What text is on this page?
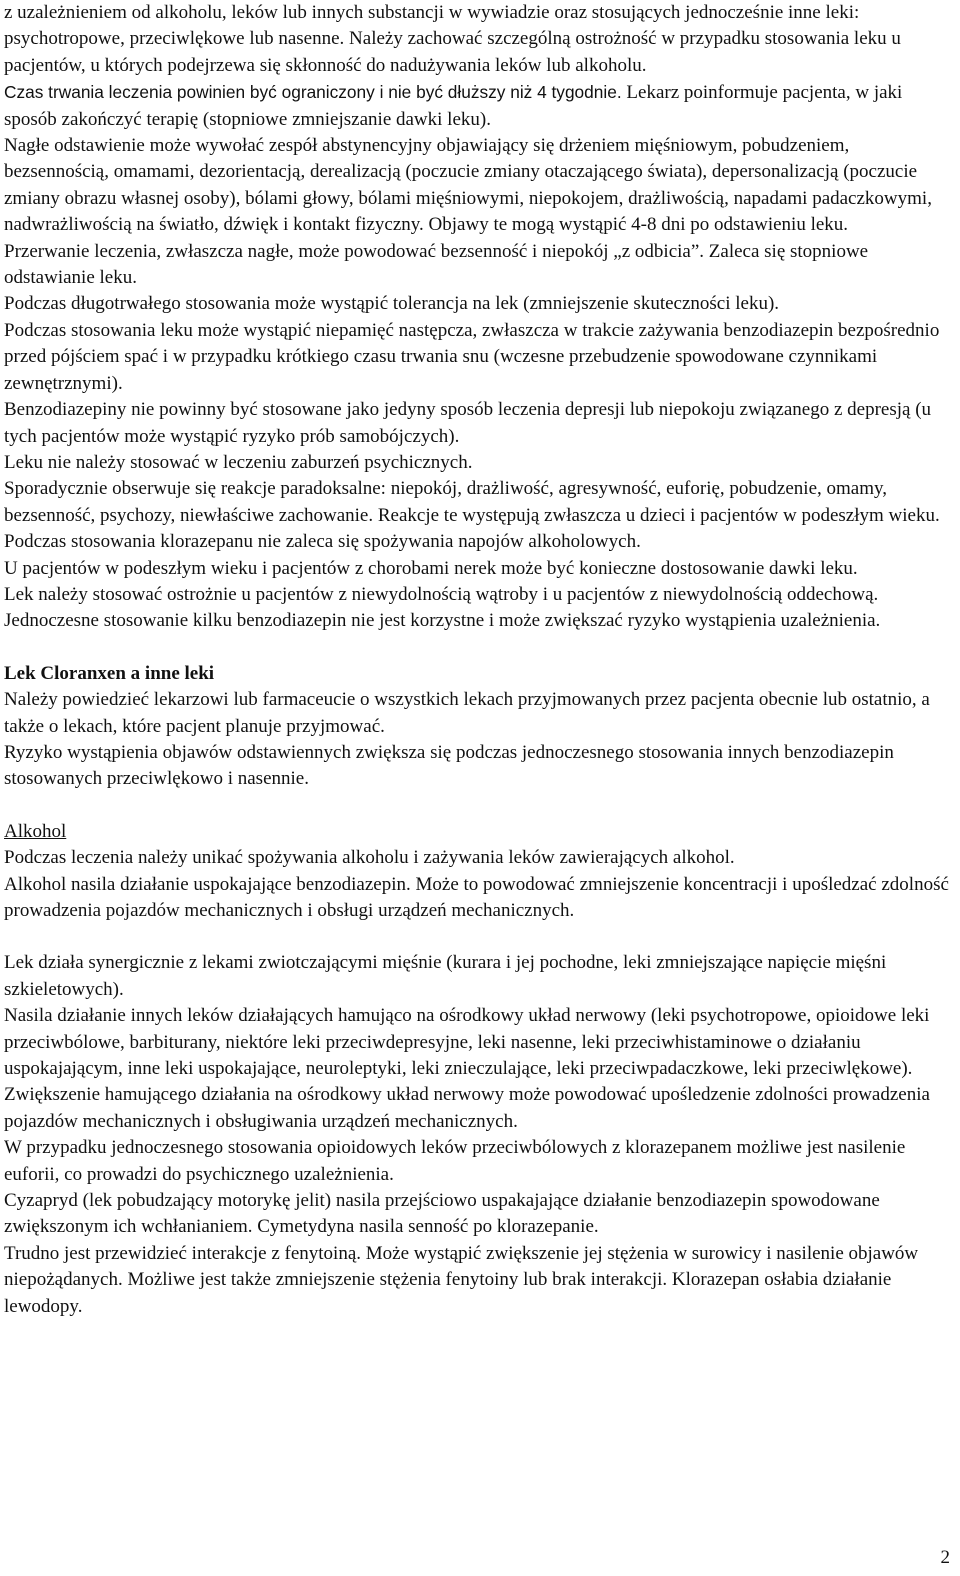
z uzależnieniem od alkoholu, leków lub innych substancji w wywiadzie oraz stosujących jednocześnie inne leki: psychotropowe, przeciwlękowe lub nasenne. Należy zachować szczególną ostrożność w przypadku stosowania leku u pacjentów, u których podejrzewa się skłonność do nadużywania leków lub alkoholu.

Czas trwania leczenia powinien być ograniczony i nie być dłuższy niż 4 tygodnie. Lekarz poinformuje pacjenta, w jaki sposób zakończyć terapię (stopniowe zmniejszanie dawki leku).

Nagłe odstawienie może wywołać zespół abstynencyjny objawiający się drżeniem mięśniowym, pobudzeniem, bezsennością, omamami, dezorientacją, derealizacją (poczucie zmiany otaczającego świata), depersonalizacją (poczucie zmiany obrazu własnej osoby), bólami głowy, bólami mięśniowymi, niepokojem, drażliwością, napadami padaczkowymi, nadwrażliwością na światło, dźwięk i kontakt fizyczny. Objawy te mogą wystąpić 4-8 dni po odstawieniu leku.

Przerwanie leczenia, zwłaszcza nagłe, może powodować bezsenność i niepokój „z odbicia”. Zaleca się stopniowe odstawianie leku.

Podczas długotrwałego stosowania może wystąpić tolerancja na lek (zmniejszenie skuteczności leku).

Podczas stosowania leku może wystąpić niepamięć następcza, zwłaszcza w trakcie zażywania benzodiazepin bezpośrednio przed pójściem spać i w przypadku krótkiego czasu trwania snu (wczesne przebudzenie spowodowane czynnikami zewnętrznymi).

Benzodiazepiny nie powinny być stosowane jako jedyny sposób leczenia depresji lub niepokoju związanego z depresją (u tych pacjentów może wystąpić ryzyko prób samobójczych).

Leku nie należy stosować w leczeniu zaburzeń psychicznych.

Sporadycznie obserwuje się reakcje paradoksalne: niepokój, drażliwość, agresywność, euforię, pobudzenie, omamy, bezsenność, psychozy, niewłaściwe zachowanie. Reakcje te występują zwłaszcza u dzieci i pacjentów w podeszłym wieku.

Podczas stosowania klorazepanu nie zaleca się spożywania napojów alkoholowych.

U pacjentów w podeszłym wieku i pacjentów z chorobami nerek może być konieczne dostosowanie dawki leku.

Lek należy stosować ostrożnie u pacjentów z niewydolnością wątroby i u pacjentów z niewydolnością oddechową.

Jednoczesne stosowanie kilku benzodiazepin nie jest korzystne i może zwiększać ryzyko wystąpienia uzależnienia.

Lek Cloranxen a inne leki

Należy powiedzieć lekarzowi lub farmaceucie o wszystkich lekach przyjmowanych przez pacjenta obecnie lub ostatnio, a także o lekach, które pacjent planuje przyjmować.

Ryzyko wystąpienia objawów odstawiennych zwiększa się podczas jednoczesnego stosowania innych benzodiazepin stosowanych przeciwlękowo i nasennie.

Alkohol

Podczas leczenia należy unikać spożywania alkoholu i zażywania leków zawierających alkohol.

Alkohol nasila działanie uspokajające benzodiazepin. Może to powodować zmniejszenie koncentracji i upośledzać zdolność prowadzenia pojazdów mechanicznych i obsługi urządzeń mechanicznych.

Lek działa synergicznie z lekami zwiotczającymi mięśnie (kurara i jej pochodne, leki zmniejszające napięcie mięśni szkieletowych).

Nasila działanie innych leków działających hamująco na ośrodkowy układ nerwowy (leki psychotropowe, opioidowe leki przeciwbólowe, barbiturany, niektóre leki przeciwdepresyjne, leki nasenne, leki przeciwhistaminowe o działaniu uspokajającym, inne leki uspokajające, neuroleptyki, leki znieczulające, leki przeciwpadaczkowe, leki przeciwlękowe). Zwiększenie hamującego działania na ośrodkowy układ nerwowy może powodować upośledzenie zdolności prowadzenia pojazdów mechanicznych i obsługiwania urządzeń mechanicznych.

W przypadku jednoczesnego stosowania opioidowych leków przeciwbólowych z klorazepanem możliwe jest nasilenie euforii, co prowadzi do psychicznego uzależnienia.

Cyzapryd (lek pobudzający motorykę jelit) nasila przejściowo uspakajające działanie benzodiazepin spowodowane zwiększonym ich wchłanianiem. Cymetydyna nasila senność po klorazepanie.

Trudno jest przewidzieć interakcje z fenytoiną. Może wystąpić zwiększenie jej stężenia w surowicy i nasilenie objawów niepożądanych. Możliwe jest także zmniejszenie stężenia fenytoiny lub brak interakcji. Klorazepan osłabia działanie lewodopy.

2
